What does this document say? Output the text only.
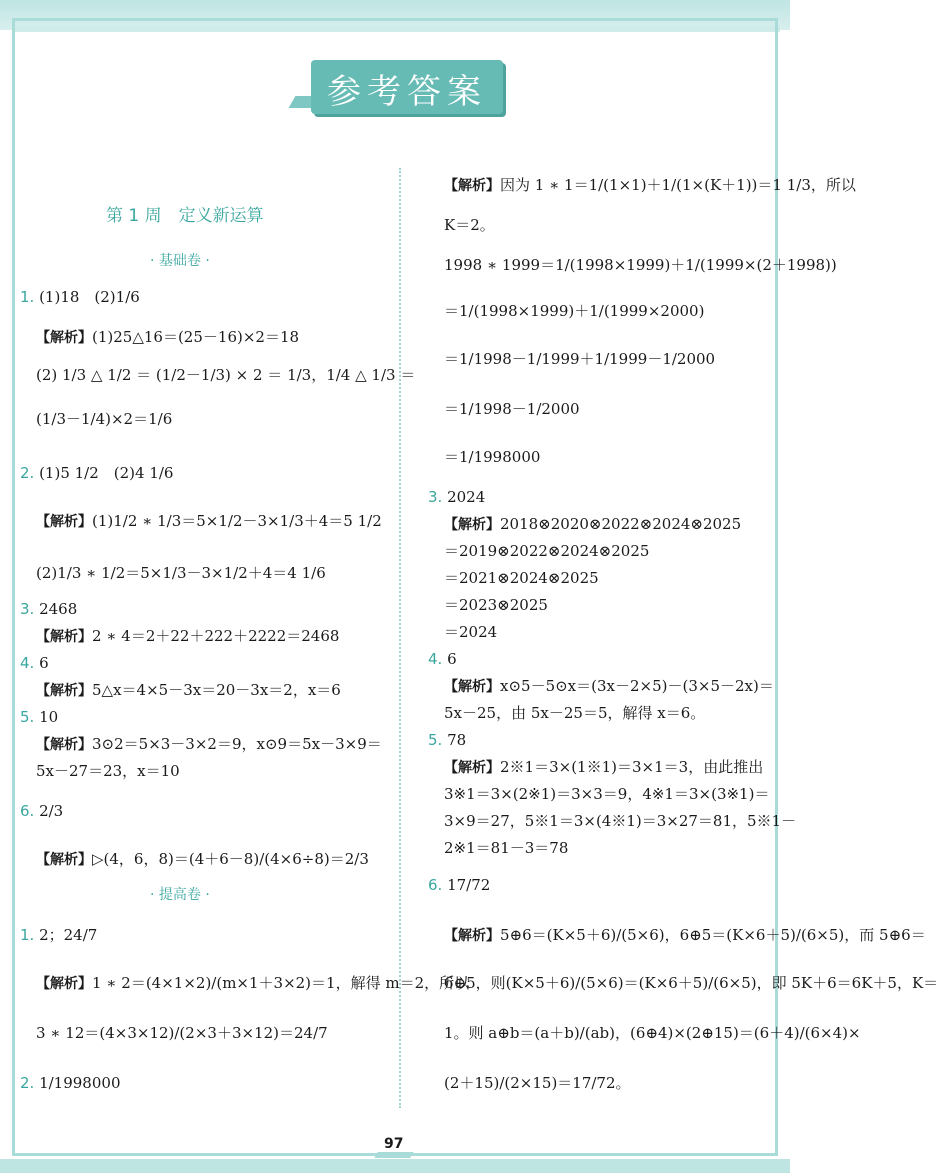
参考答案
第 1 周　定义新运算
· 基础卷 ·
1. (1)18　(2)1/6
【解析】(1)25△16＝(25－16)×2＝18
(2) 1/3 △ 1/2 ＝ (1/2－1/3) × 2 ＝ 1/3，1/4 △ 1/3 ＝
(1/3－1/4)×2＝1/6
2. (1)5 1/2　(2)4 1/6
【解析】(1)1/2 ∗ 1/3＝5×1/2－3×1/3＋4＝5 1/2
(2)1/3 ∗ 1/2＝5×1/3－3×1/2＋4＝4 1/6
3. 2468
【解析】2 ∗ 4＝2＋22＋222＋2222＝2468
4. 6
【解析】5△x＝4×5－3x＝20－3x＝2，x＝6
5. 10
【解析】3⊙2＝5×3－3×2＝9，x⊙9＝5x－3×9＝
5x－27＝23，x＝10
6. 2/3
【解析】▷(4，6，8)＝(4＋6－8)/(4×6÷8)＝2/3
· 提高卷 ·
1. 2；24/7
【解析】1 ∗ 2＝(4×1×2)/(m×1＋3×2)＝1，解得 m＝2，所以
3 ∗ 12＝(4×3×12)/(2×3＋3×12)＝24/7
2. 1/1998000
【解析】因为 1 ∗ 1＝1/(1×1)＋1/(1×(K＋1))＝1 1/3，所以
K＝2。
1998 ∗ 1999＝1/(1998×1999)＋1/(1999×(2＋1998))
＝1/(1998×1999)＋1/(1999×2000)
＝1/1998－1/1999＋1/1999－1/2000
＝1/1998－1/2000
＝1/1998000
3. 2024
【解析】2018⊗2020⊗2022⊗2024⊗2025
＝2019⊗2022⊗2024⊗2025
＝2021⊗2024⊗2025
＝2023⊗2025
＝2024
4. 6
【解析】x⊙5－5⊙x＝(3x－2×5)－(3×5－2x)＝
5x－25，由 5x－25＝5，解得 x＝6。
5. 78
【解析】2※1＝3×(1※1)＝3×1＝3，由此推出
3※1＝3×(2※1)＝3×3＝9，4※1＝3×(3※1)＝
3×9＝27，5※1＝3×(4※1)＝3×27＝81，5※1－
2※1＝81－3＝78
6. 17/72
【解析】5⊕6＝(K×5＋6)/(5×6)，6⊕5＝(K×6＋5)/(6×5)，而 5⊕6＝
6⊕5，则(K×5＋6)/(5×6)＝(K×6＋5)/(6×5)，即 5K＋6＝6K＋5，K＝
1。则 a⊕b＝(a＋b)/(ab)，(6⊕4)×(2⊕15)＝(6＋4)/(6×4)×
(2＋15)/(2×15)＝17/72。
97
